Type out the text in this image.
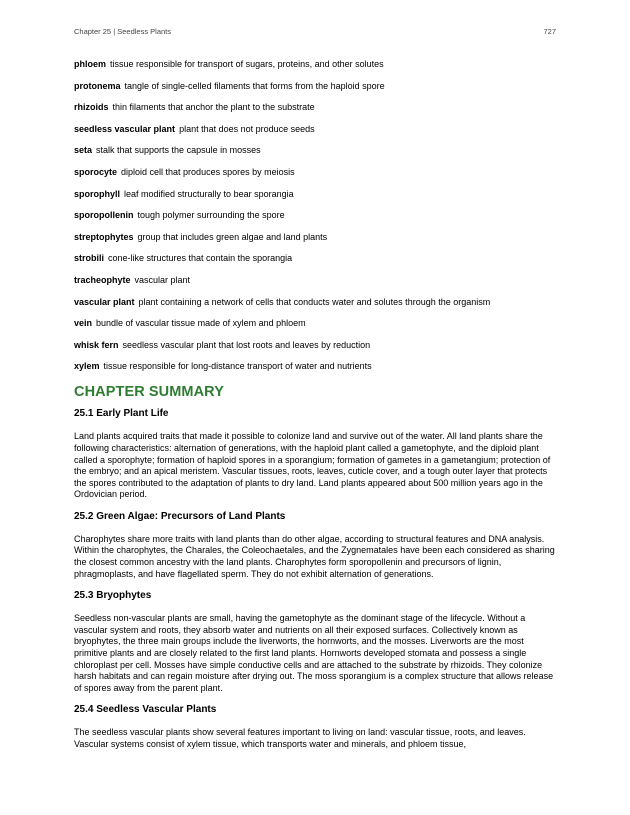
Chapter 25 | Seedless Plants	727

phloem tissue responsible for transport of sugars, proteins, and other solutes

protonema tangle of single-celled filaments that forms from the haploid spore

rhizoids thin filaments that anchor the plant to the substrate

seedless vascular plant plant that does not produce seeds

seta stalk that supports the capsule in mosses

sporocyte diploid cell that produces spores by meiosis

sporophyll leaf modified structurally to bear sporangia

sporopollenin tough polymer surrounding the spore

streptophytes group that includes green algae and land plants

strobili cone-like structures that contain the sporangia

tracheophyte vascular plant

vascular plant plant containing a network of cells that conducts water and solutes through the organism

vein bundle of vascular tissue made of xylem and phloem

whisk fern seedless vascular plant that lost roots and leaves by reduction

xylem tissue responsible for long-distance transport of water and nutrients

CHAPTER SUMMARY
25.1 Early Plant Life

Land plants acquired traits that made it possible to colonize land and survive out of the water. All land plants share the following characteristics: alternation of generations, with the haploid plant called a gametophyte, and the diploid plant called a sporophyte; formation of haploid spores in a sporangium; formation of gametes in a gametangium; protection of the embryo; and an apical meristem. Vascular tissues, roots, leaves, cuticle cover, and a tough outer layer that protects the spores contributed to the adaptation of plants to dry land. Land plants appeared about 500 million years ago in the Ordovician period.

25.2 Green Algae: Precursors of Land Plants

Charophytes share more traits with land plants than do other algae, according to structural features and DNA analysis. Within the charophytes, the Charales, the Coleochaetales, and the Zygnematales have been each considered as sharing the closest common ancestry with the land plants. Charophytes form sporopollenin and precursors of lignin, phragmoplasts, and have flagellated sperm. They do not exhibit alternation of generations.

25.3 Bryophytes

Seedless non-vascular plants are small, having the gametophyte as the dominant stage of the lifecycle. Without a vascular system and roots, they absorb water and nutrients on all their exposed surfaces. Collectively known as bryophytes, the three main groups include the liverworts, the hornworts, and the mosses. Liverworts are the most primitive plants and are closely related to the first land plants. Hornworts developed stomata and possess a single chloroplast per cell. Mosses have simple conductive cells and are attached to the substrate by rhizoids. They colonize harsh habitats and can regain moisture after drying out. The moss sporangium is a complex structure that allows release of spores away from the parent plant.

25.4 Seedless Vascular Plants

The seedless vascular plants show several features important to living on land: vascular tissue, roots, and leaves. Vascular systems consist of xylem tissue, which transports water and minerals, and phloem tissue,
